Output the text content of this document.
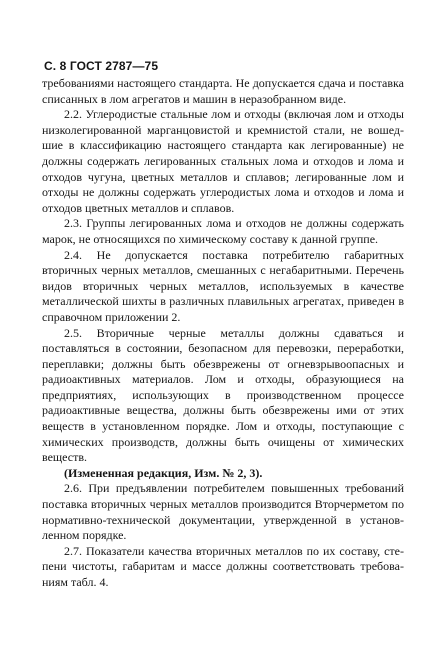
С. 8 ГОСТ 2787—75

требованиями настоящего стандарта. Не допускается сдача и поставка списанных в лом агрегатов и машин в неразобранном виде.

2.2. Углеродистые стальные лом и отходы (включая лом и отходы низколегированной марганцовистой и кремнистой стали, не вошедшие в классификацию настоящего стандарта как легированные) не должны содержать легированных стальных лома и отходов и лома и отходов чугуна, цветных металлов и сплавов; легированные лом и отходы не должны содержать углеродистых лома и отходов и лома и отходов цветных металлов и сплавов.

2.3. Группы легированных лома и отходов не должны содержать марок, не относящихся по химическому составу к данной группе.

2.4. Не допускается поставка потребителю габаритных вторичных черных металлов, смешанных с негабаритными. Перечень видов вторичных черных металлов, используемых в качестве металлической шихты в различных плавильных агрегатах, приведен в справочном приложении 2.

2.5. Вторичные черные металлы должны сдаваться и поставляться в состоянии, безопасном для перевозки, переработки, переплавки; должны быть обезврежены от огневзрывоопасных и радиоактивных материалов. Лом и отходы, образующиеся на предприятиях, использующих в производственном процессе радиоактивные вещества, должны быть обезврежены ими от этих веществ в установленном порядке. Лом и отходы, поступающие с химических производств, должны быть очищены от химических веществ.

(Измененная редакция, Изм. № 2, 3).

2.6. При предъявлении потребителем повышенных требований поставка вторичных черных металлов производится Вторчерметом по нормативно-технической документации, утвержденной в установленном порядке.

2.7. Показатели качества вторичных металлов по их составу, степени чистоты, габаритам и массе должны соответствовать требованиям табл. 4.
